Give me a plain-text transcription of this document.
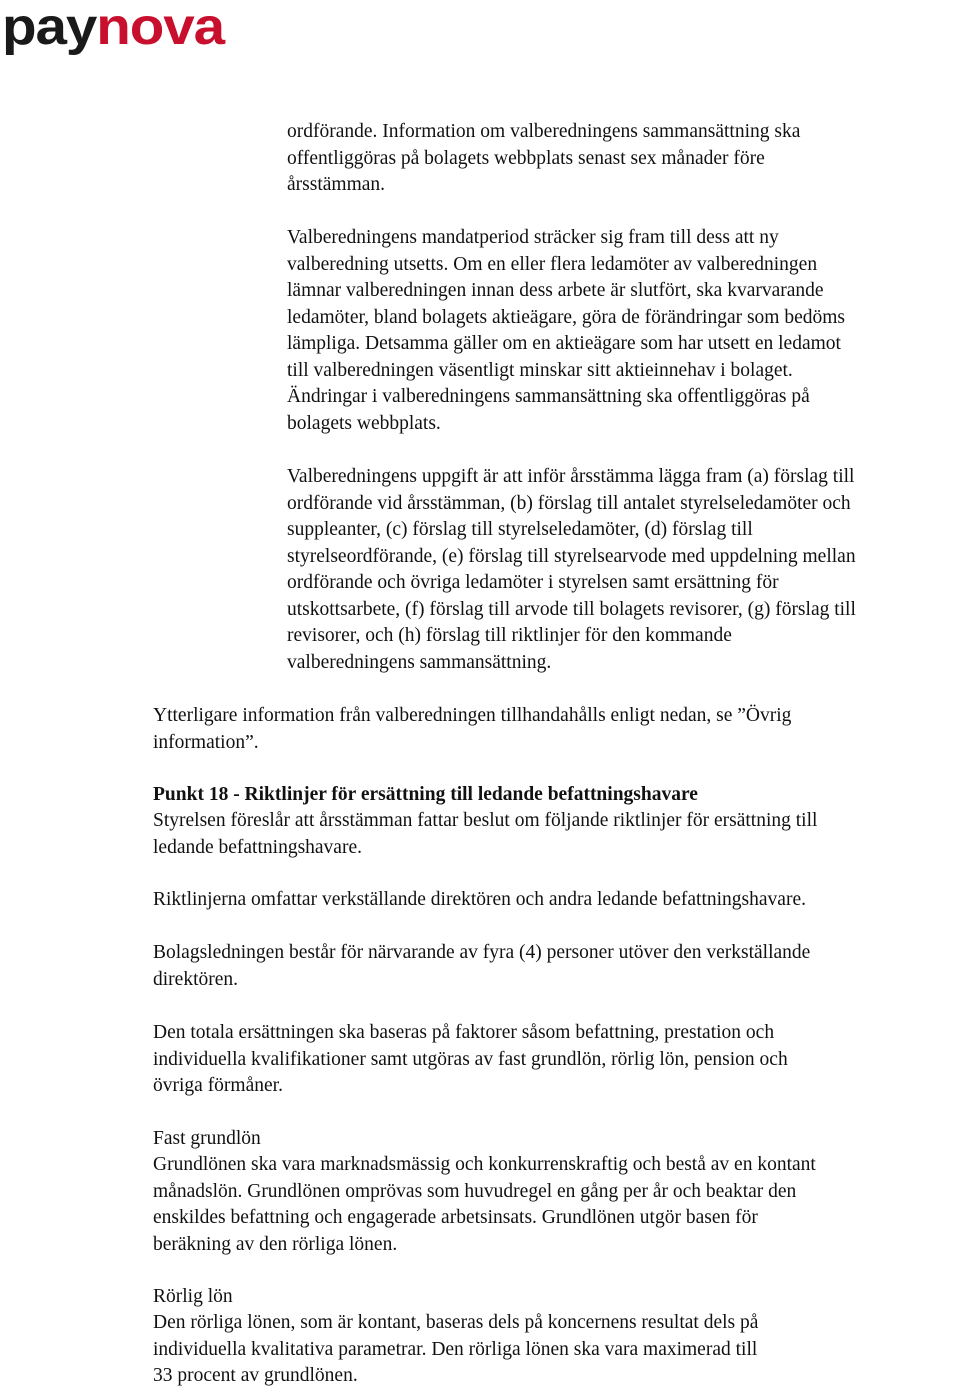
pay nova

ordförande. Information om valberedningens sammansättning ska
offentliggöras på bolagets webbplats senast sex månader före
årsstämman.

Valberedningens mandatperiod sträcker sig fram till dess att ny
valberedning utsetts. Om en eller flera ledamöter av valberedningen
lämnar valberedningen innan dess arbete är slutfört, ska kvarvarande
ledamöter, bland bolagets aktieägare, göra de förändringar som bedöms
lämpliga. Detsamma gäller om en aktieägare som har utsett en ledamot
till valberedningen väsentligt minskar sitt aktieinnehav i bolaget.
Ändringar i valberedningens sammansättning ska offentliggöras på
bolagets webbplats.

Valberedningens uppgift är att inför årsstämma lägga fram (a) förslag till
ordförande vid årsstämman, (b) förslag till antalet styrelseledamöter och
suppleanter, (c) förslag till styrelseledamöter, (d) förslag till
styrelseordförande, (e) förslag till styrelsearvode med uppdelning mellan
ordförande och övriga ledamöter i styrelsen samt ersättning för
utskottsarbete, (f) förslag till arvode till bolagets revisorer, (g) förslag till
revisorer, och (h) förslag till riktlinjer för den kommande
valberedningens sammansättning.

Ytterligare information från valberedningen tillhandahålls enligt nedan, se ”Övrig
information”.

Punkt 18 - Riktlinjer för ersättning till ledande befattningshavare

Styrelsen föreslår att årsstämman fattar beslut om följande riktlinjer för ersättning till
ledande befattningshavare.

Riktlinjerna omfattar verkställande direktören och andra ledande befattningshavare.

Bolagsledningen består för närvarande av fyra (4) personer utöver den verkställande
direktören.

Den totala ersättningen ska baseras på faktorer såsom befattning, prestation och
individuella kvalifikationer samt utgöras av fast grundlön, rörlig lön, pension och
övriga förmåner.

Fast grundlön

Grundlönen ska vara marknadsmässig och konkurrenskraftig och bestå av en kontant
månadslön. Grundlönen omprövas som huvudregel en gång per år och beaktar den
enskildes befattning och engagerade arbetsinsats. Grundlönen utgör basen för
beräkning av den rörliga lönen.

Rörlig lön

Den rörliga lönen, som är kontant, baseras dels på koncernens resultat dels på
individuella kvalitativa parametrar. Den rörliga lönen ska vara maximerad till
33 procent av grundlönen.
